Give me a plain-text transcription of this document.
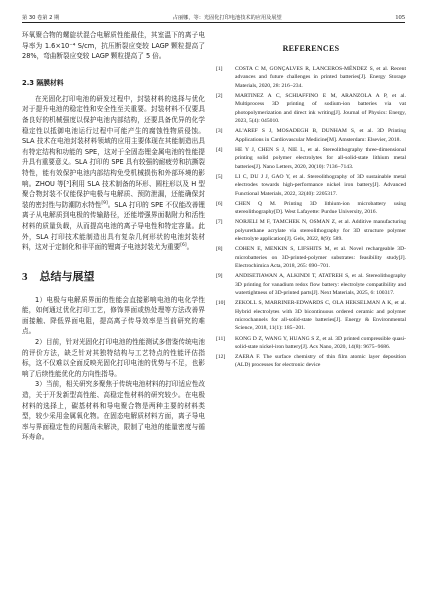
第 30 卷第 2 期	占丽娜，等：光固化打印电池技术的应用及展望	105

环氧聚合物的螺旋状混合电解质性能最佳，其室温下的离子电导率为 1.6×10⁻⁴ S/cm，抗压断裂应变较 LAGP 颗粒提高了 28%，弯曲断裂应变较 LAGP 颗粒提高了 5 倍。

2.3 隔膜材料

在光固化打印电池的研发过程中，封装材料的选择与优化对于提升电池的稳定性和安全性至关重要。封装材料不仅要具备良好的机械强度以保护电池内部结构，还要具备优异的化学稳定性以抵御电池运行过程中可能产生的腐蚀性物质侵蚀。SLA 技术在电池封装材料领域的应用主要体现在其能制造出具有特定结构和功能的 SPE，这对于全固态锂金属电池的性能提升具有重要意义。SLA 打印的 SPE 具有较强的耐疲劳和抗撕裂特性，能有效保护电池内部结构免受机械损伤和外部环境的影响。ZHOU 等[⁵]利用 SLA 技术制备的环形、圆柱形以及 H 型聚合物封装不仅能保护电极与电解质、预防泄漏，还能确保封装的密封性与防潮防水特性[9]。SLA 打印的 SPE 不仅能改善锂离子从电解质到电极的传输路径，还能增强界面黏附力和活性材料的质量负载，从而提高电池的离子导电性和特定容量。此外，SLA 打印技术能制造出具有复杂几何形状的电池封装材料，这对于定制化和非平面的锂离子电池封装尤为重要[6]。

3 总结与展望

1）电极与电解质界面的性能会直接影响电池的电化学性能，如何通过优化打印工艺，修饰界面或热处理等方法改善界面接触、降低界面电阻，提高离子传导效率是当前研究的难点。

2）目前，针对光固化打印电池的性能测试多借鉴传统电池的评价方法，缺乏针对其独特结构与工艺特点的性能评估指标，这不仅难以全面反映光固化打印电池的优势与不足，也影响了后续性能优化的方向性指导。

3）当前，相关研究多聚焦于传统电池材料的打印适应性改造，关于开发新型高性能、高稳定性材料的研究较少。在电极材料的选择上，碳基材料和导电聚合物是两种主要的材料类型，较少采用金属氧化物。在固态电解质材料方面，离子导电率与界面稳定性的问题尚未解决，限制了电池的能量密度与循环寿命。

REFERENCES
[1] COSTA C M, GONÇALVES R, LANCEROS-MÉNDEZ S, et al. Recent advances and future challenges in printed batteries[J]. Energy Storage Materials, 2020, 28: 216−234.
[2] MARTINEZ A C, SCHIAFFINO E M, ARANZOLA A P, et al. Multiprocess 3D printing of sodium-ion batteries via vat photopolymerization and direct ink writing[J]. Journal of Physics: Energy, 2023, 5(4): 045010.
[3] AL'AREF S J, MOSADEGH B, DUNHAM S, et al. 3D Printing Applications in Cardiovascular Medicine[M]. Amsterdam: Elsevier, 2018.
[4] HE Y J, CHEN S J, NIE L, et al. Stereolithography three-dimensional printing solid polymer electrolytes for all-solid-state lithium metal batteries[J]. Nano Letters, 2020, 20(10): 7136−7143.
[5] LI C, DU J J, GAO Y, et al. Stereolithography of 3D sustainable metal electrodes towards high-performance nickel iron battery[J]. Advanced Functional Materials, 2022, 32(40): 2205317.
[6] CHEN Q M. Printing 3D lithium-ion microbattery using stereolithography[D]. West Lafayette: Purdue University, 2016.
[7] NORJELI M F, TAMCHEK N, OSMAN Z, et al. Additive manufacturing polyurethane acrylate via stereolithography for 3D structure polymer electrolyte application[J]. Gels, 2022, 8(9): 589.
[8] COHEN E, MENKIN S, LIFSHITS M, et al. Novel rechargeable 3D-microbatteries on 3D-printed-polymer substrates: feasibility study[J]. Electrochimica Acta, 2018, 265: 690−701.
[9] ANDISETIAWAN A, ALKINDI T, ATATREH S, et al. Stereolithography 3D printing for vanadium redox flow battery: electrolyte compatibility and watertightness of 3D-printed parts[J]. Next Materials, 2025, 6: 100317.
[10] ZEKOLL S, MARRINER-EDWARDS C, OLA HEKSELMAN A K, et al. Hybrid electrolytes with 3D bicontinuous ordered ceramic and polymer microchannels for all-solid-state batteries[J]. Energy & Environmental Science, 2018, 11(1): 185−201.
[11] KONG D Z, WANG Y, HUANG S Z, et al. 3D printed compressible quasi-solid-state nickel-iron battery[J]. Acs Nano, 2020, 14(8): 9675−9686.
[12] ZAERA F. The surface chemistry of thin film atomic layer deposition (ALD) processes for electronic device
